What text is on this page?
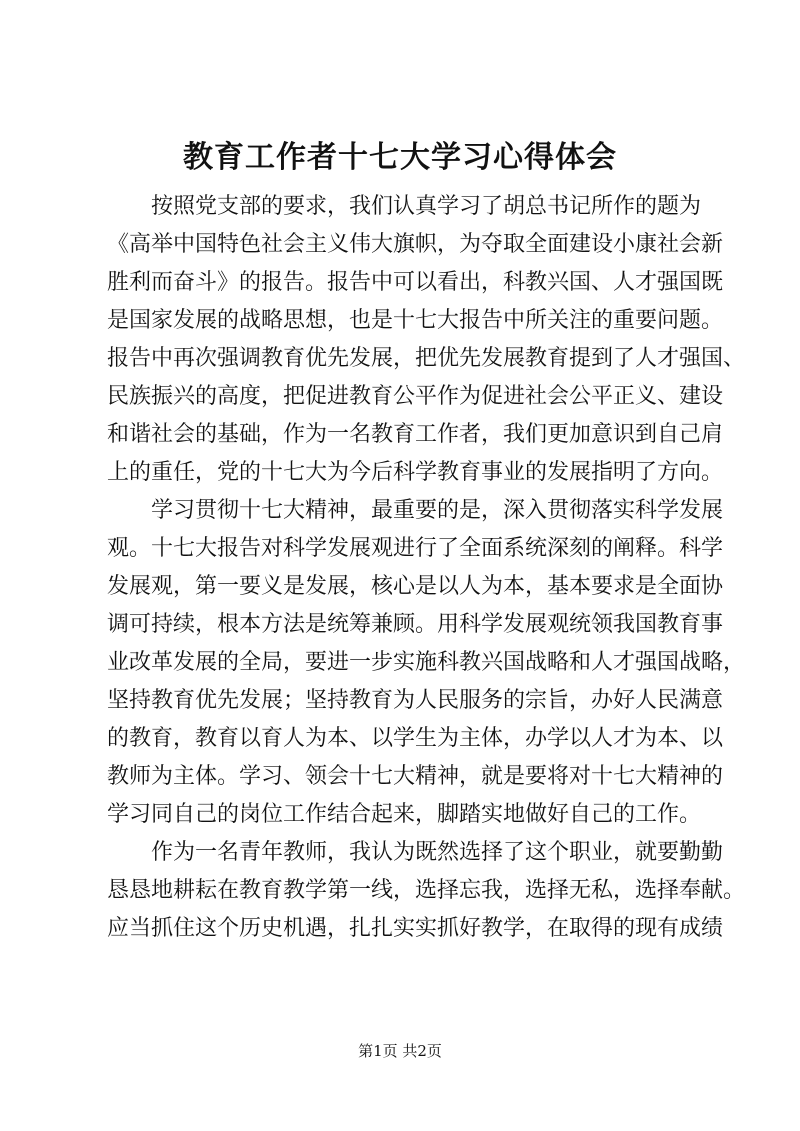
教育工作者十七大学习心得体会
按照党支部的要求，我们认真学习了胡总书记所作的题为
《高举中国特色社会主义伟大旗帜，为夺取全面建设小康社会新
胜利而奋斗》的报告。报告中可以看出，科教兴国、人才强国既
是国家发展的战略思想，也是十七大报告中所关注的重要问题。
报告中再次强调教育优先发展，把优先发展教育提到了人才强国、
民族振兴的高度，把促进教育公平作为促进社会公平正义、建设
和谐社会的基础，作为一名教育工作者，我们更加意识到自己肩
上的重任，党的十七大为今后科学教育事业的发展指明了方向。
学习贯彻十七大精神，最重要的是，深入贯彻落实科学发展
观。十七大报告对科学发展观进行了全面系统深刻的阐释。科学
发展观，第一要义是发展，核心是以人为本，基本要求是全面协
调可持续，根本方法是统筹兼顾。用科学发展观统领我国教育事
业改革发展的全局，要进一步实施科教兴国战略和人才强国战略，
坚持教育优先发展；坚持教育为人民服务的宗旨，办好人民满意
的教育，教育以育人为本、以学生为主体，办学以人才为本、以
教师为主体。学习、领会十七大精神，就是要将对十七大精神的
学习同自己的岗位工作结合起来，脚踏实地做好自己的工作。
作为一名青年教师，我认为既然选择了这个职业，就要勤勤
恳恳地耕耘在教育教学第一线，选择忘我，选择无私，选择奉献。
应当抓住这个历史机遇，扎扎实实抓好教学，在取得的现有成绩
第1页 共2页
